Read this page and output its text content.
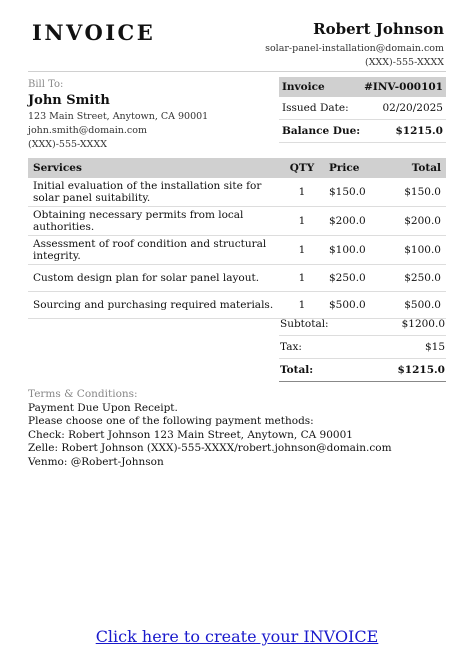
INVOICE	Robert Johnson
solar-panel-installation@domain.com
(XXX)-555-XXXX
Bill To:
John Smith
123 Main Street, Anytown, CA 90001
john.smith@domain.com
(XXX)-555-XXXX
Invoice	#INV-000101
Issued Date:	02/20/2025
Balance Due:	$1215.0
Services	QTY	Price	Total
Initial evaluation of the installation site for solar panel suitability.	1	$150.0	$150.0
Obtaining necessary permits from local authorities.	1	$200.0	$200.0
Assessment of roof condition and structural integrity.	1	$100.0	$100.0
Custom design plan for solar panel layout.	1	$250.0	$250.0
Sourcing and purchasing required materials.	1	$500.0	$500.0
Subtotal:	$1200.0
Tax:	$15
Total:	$1215.0
Terms & Conditions:
Payment Due Upon Receipt.
Please choose one of the following payment methods:
Check: Robert Johnson 123 Main Street, Anytown, CA 90001
Zelle: Robert Johnson (XXX)-555-XXXX/robert.johnson@domain.com
Venmo: @Robert-Johnson
Click here to create your INVOICE
